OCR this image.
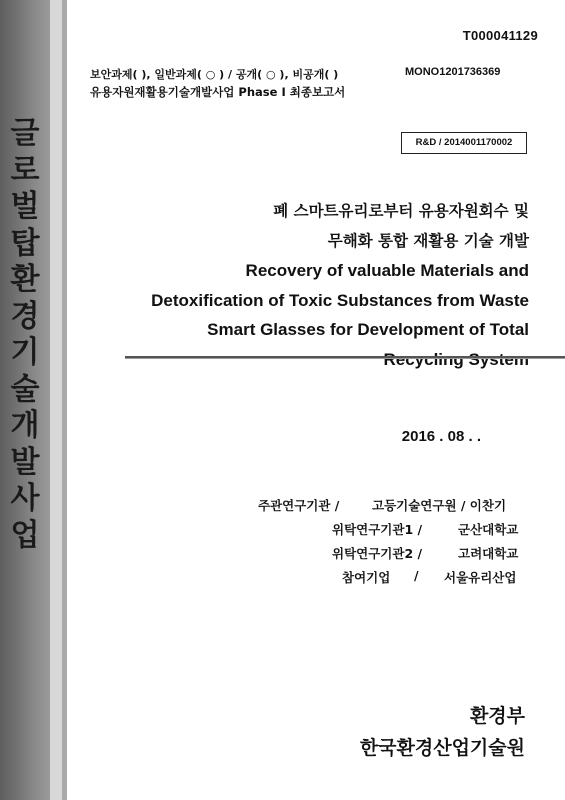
글
로
벌
탑
환
경
기
술
개
발
사
업
T000041129
보안과제( ), 일반과제( ○ ) / 공개( ○ ), 비공개( )	MONO1201736369
유용자원재활용기술개발사업 Phase Ⅰ 최종보고서
R&D / 2014001170002
폐 스마트유리로부터 유용자원회수 및
무해화 통합 재활용 기술 개발
Recovery of valuable Materials and
Detoxification of Toxic Substances from Waste
Smart Glasses for Development of Total
Recycling System
2016 . 08 . .
주관연구기관 /	고등기술연구원 / 이찬기
위탁연구기관1 /	군산대학교
위탁연구기관2 /	고려대학교
참여기업 / 서울유리산업
환경부
한국환경산업기술원
